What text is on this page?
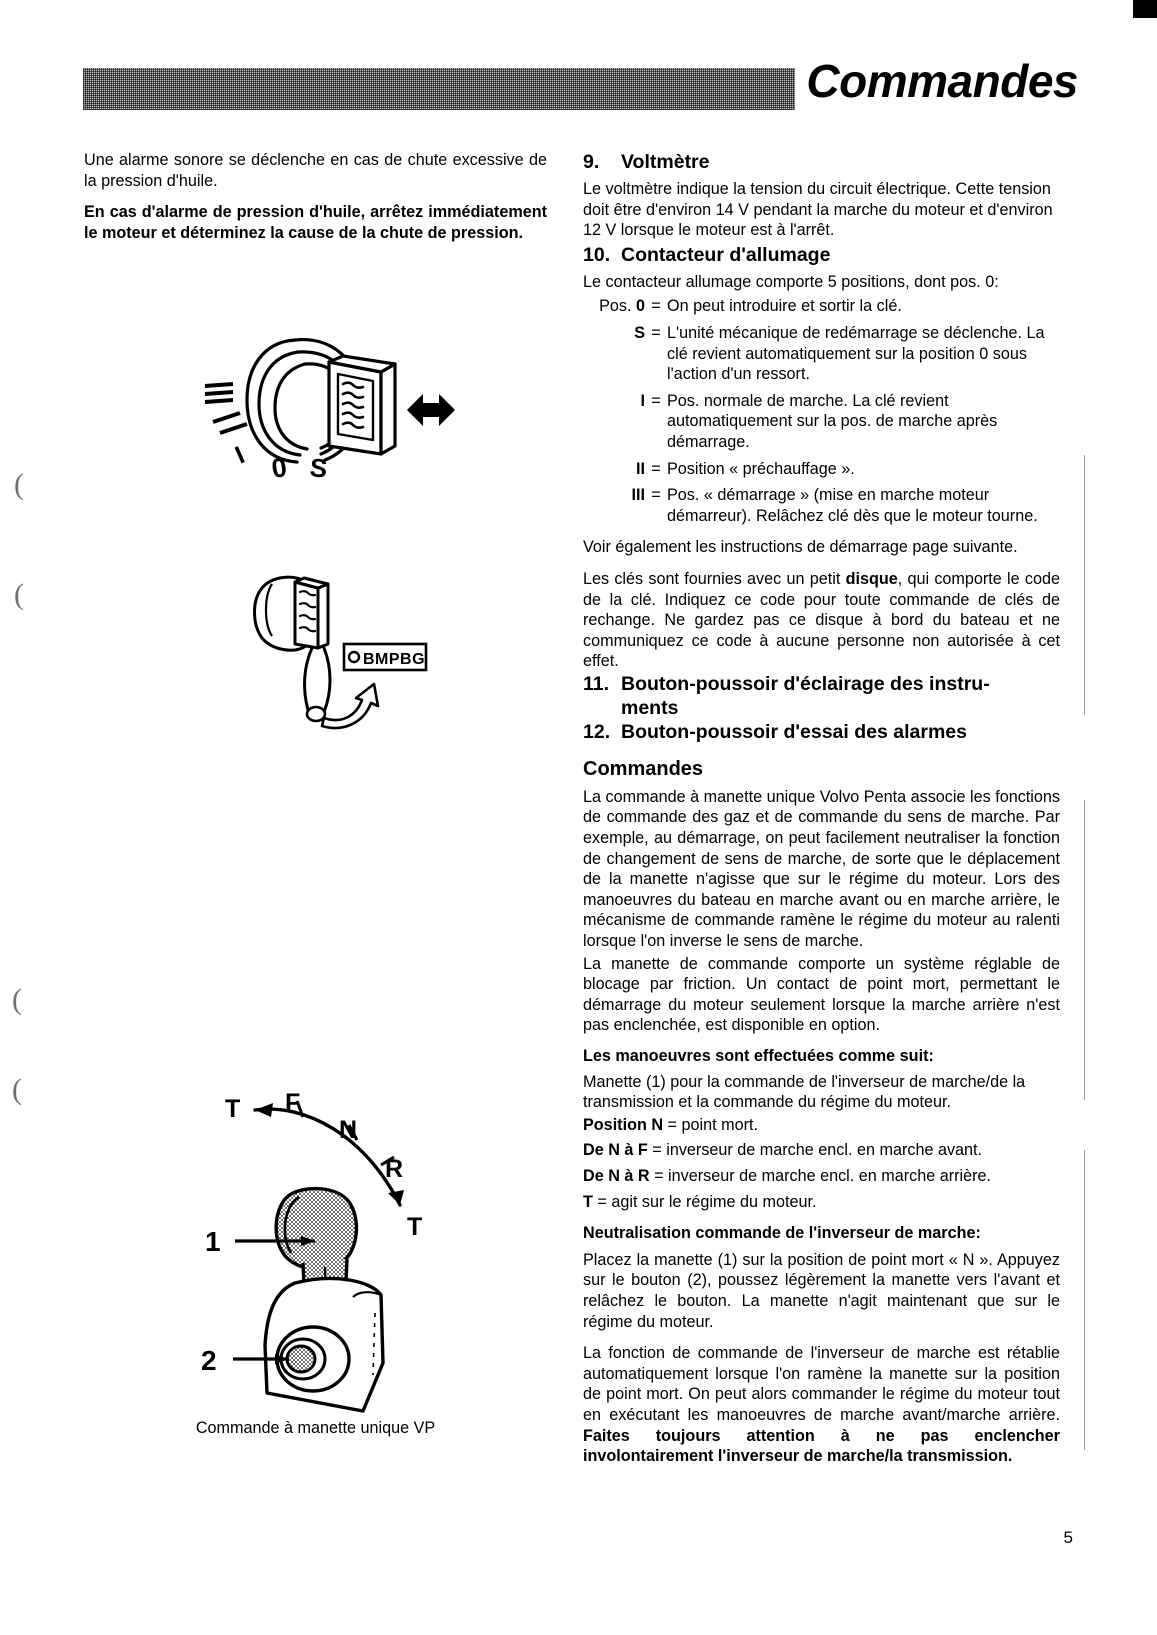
Commandes
(
(
(
(

Une alarme sonore se déclenche en cas de chute excessive de la pression d'huile.

En cas d'alarme de pression d'huile, arrêtez immédiatement le moteur et déterminez la cause de la chute de pression.

I 0 S
BMPBG
T F
N
R
T
1
2
Commande à manette unique VP
9. Voltmètre

Le voltmètre indique la tension du circuit électrique. Cette tension doit être d'environ 14 V pendant la marche du moteur et d'environ 12 V lorsque le moteur est à l'arrêt.

10. Contacteur d'allumage

Le contacteur allumage comporte 5 positions, dont pos. 0:

Pos. 0 = On peut introduire et sortir la clé.
S = L'unité mécanique de redémarrage se déclenche. La clé revient automatiquement sur la position 0 sous l'action d'un ressort.
I = Pos. normale de marche. La clé revient automatiquement sur la pos. de marche après démarrage.
II = Position « préchauffage ».
III = Pos. « démarrage » (mise en marche moteur démarreur). Relâchez clé dès que le moteur tourne.

Voir également les instructions de démarrage page suivante.

Les clés sont fournies avec un petit disque, qui comporte le code de la clé. Indiquez ce code pour toute commande de clés de rechange. Ne gardez pas ce disque à bord du bateau et ne communiquez ce code à aucune personne non autorisée à cet effet.

11. Bouton-poussoir d'éclairage des instru-
ments
12. Bouton-poussoir d'essai des alarmes
Commandes

La commande à manette unique Volvo Penta associe les fonctions de commande des gaz et de commande du sens de marche. Par exemple, au démarrage, on peut facilement neutraliser la fonction de changement de sens de marche, de sorte que le déplacement de la manette n'agisse que sur le régime du moteur. Lors des manoeuvres du bateau en marche avant ou en marche arrière, le mécanisme de commande ramène le régime du moteur au ralenti lorsque l'on inverse le sens de marche.

La manette de commande comporte un système réglable de blocage par friction. Un contact de point mort, permettant le démarrage du moteur seulement lorsque la marche arrière n'est pas enclenchée, est disponible en option.

Les manoeuvres sont effectuées comme suit:

Manette (1) pour la commande de l'inverseur de marche/de la transmission et la commande du régime du moteur.

Position N = point mort.

De N à F = inverseur de marche encl. en marche avant.

De N à R = inverseur de marche encl. en marche arrière.

T = agit sur le régime du moteur.

Neutralisation commande de l'inverseur de marche:

Placez la manette (1) sur la position de point mort « N ». Appuyez sur le bouton (2), poussez légèrement la manette vers l'avant et relâchez le bouton. La manette n'agit maintenant que sur le régime du moteur.

La fonction de commande de l'inverseur de marche est rétablie automatiquement lorsque l'on ramène la manette sur la position de point mort. On peut alors commander le régime du moteur tout en exécutant les manoeuvres de marche avant/marche arrière. Faites toujours attention à ne pas enclencher involontairement l'inverseur de marche/la transmission.

5
